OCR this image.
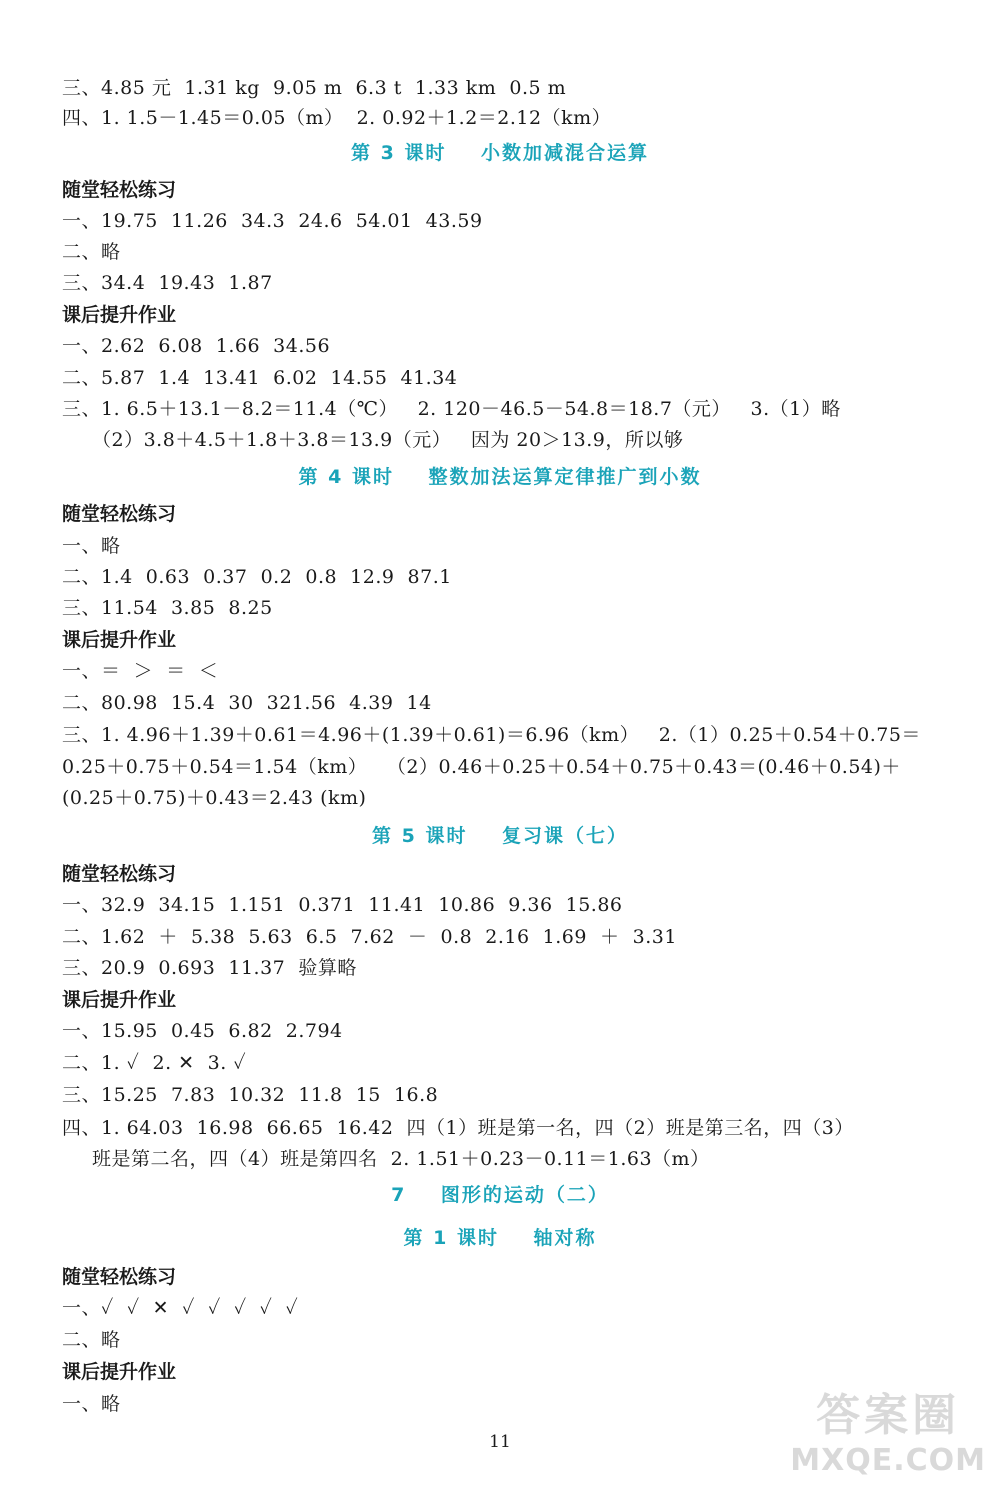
三、4.85 元  1.31 kg  9.05 m  6.3 t  1.33 km  0.5 m
四、1. 1.5－1.45＝0.05（m）  2. 0.92＋1.2＝2.12（km）
第 3 课时    小数加减混合运算
随堂轻松练习
一、19.75  11.26  34.3  24.6  54.01  43.59
二、略
三、34.4  19.43  1.87
课后提升作业
一、2.62  6.08  1.66  34.56
二、5.87  1.4  13.41  6.02  14.55  41.34
三、1. 6.5＋13.1－8.2＝11.4（℃）   2. 120－46.5－54.8＝18.7（元）   3.（1）略
（2）3.8＋4.5＋1.8＋3.8＝13.9（元）   因为 20＞13.9，所以够
第 4 课时    整数加法运算定律推广到小数
随堂轻松练习
一、略
二、1.4  0.63  0.37  0.2  0.8  12.9  87.1
三、11.54  3.85  8.25
课后提升作业
一、＝  ＞  ＝  ＜
二、80.98  15.4  30  321.56  4.39  14
三、1. 4.96＋1.39＋0.61＝4.96＋(1.39＋0.61)＝6.96（km）   2.（1）0.25＋0.54＋0.75＝
0.25＋0.75＋0.54＝1.54（km）   （2）0.46＋0.25＋0.54＋0.75＋0.43＝(0.46＋0.54)＋
(0.25＋0.75)＋0.43＝2.43 (km)
第 5 课时    复习课（七）
随堂轻松练习
一、32.9  34.15  1.151  0.371  11.41  10.86  9.36  15.86
二、1.62  ＋  5.38  5.63  6.5  7.62  －  0.8  2.16  1.69  ＋  3.31
三、20.9  0.693  11.37  验算略
课后提升作业
一、15.95  0.45  6.82  2.794
二、1. ✓  2. ✕  3. ✓
三、15.25  7.83  10.32  11.8  15  16.8
四、1. 64.03  16.98  66.65  16.42  四（1）班是第一名，四（2）班是第三名，四（3）
班是第二名，四（4）班是第四名  2. 1.51＋0.23－0.11＝1.63（m）
7    图形的运动（二）
第 1 课时    轴对称
随堂轻松练习
一、✓  ✓  ✕  ✓  ✓  ✓  ✓  ✓
二、略
课后提升作业
一、略
11
答案圈
MXQE.COM
